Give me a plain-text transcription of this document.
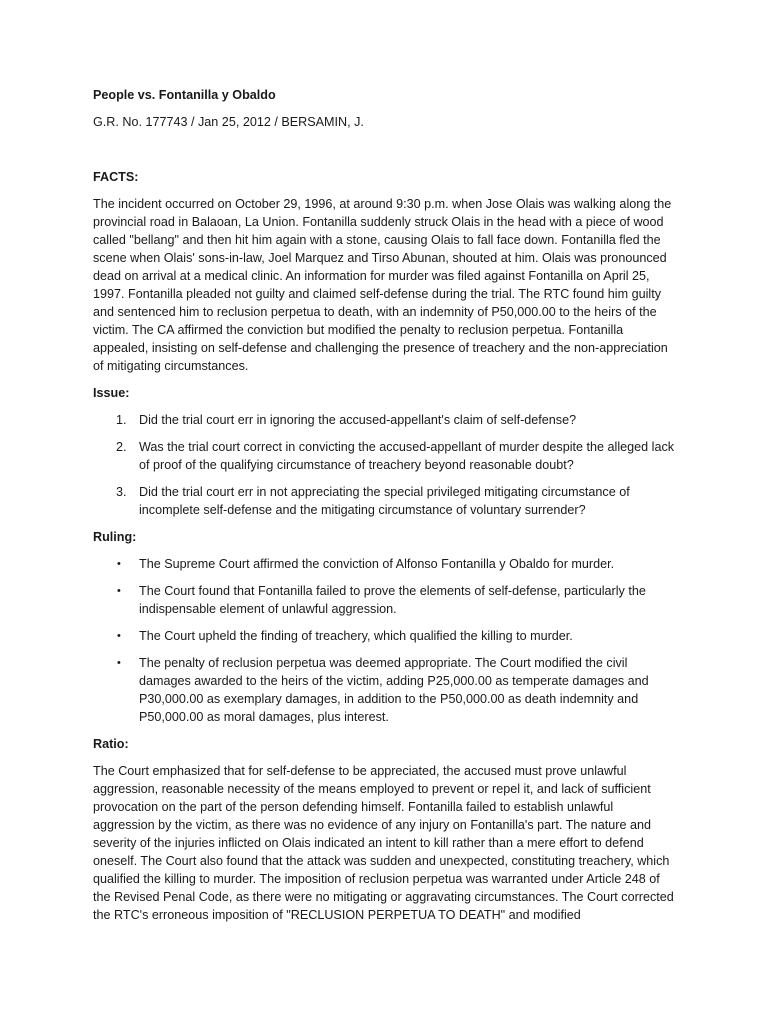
People vs. Fontanilla y Obaldo

G.R. No. 177743 / Jan 25, 2012 / BERSAMIN, J.

FACTS:

The incident occurred on October 29, 1996, at around 9:30 p.m. when Jose Olais was walking along the provincial road in Balaoan, La Union. Fontanilla suddenly struck Olais in the head with a piece of wood called "bellang" and then hit him again with a stone, causing Olais to fall face down. Fontanilla fled the scene when Olais' sons-in-law, Joel Marquez and Tirso Abunan, shouted at him. Olais was pronounced dead on arrival at a medical clinic. An information for murder was filed against Fontanilla on April 25, 1997. Fontanilla pleaded not guilty and claimed self-defense during the trial. The RTC found him guilty and sentenced him to reclusion perpetua to death, with an indemnity of P50,000.00 to the heirs of the victim. The CA affirmed the conviction but modified the penalty to reclusion perpetua. Fontanilla appealed, insisting on self-defense and challenging the presence of treachery and the non-appreciation of mitigating circumstances.

Issue:

1. Did the trial court err in ignoring the accused-appellant's claim of self-defense?
2. Was the trial court correct in convicting the accused-appellant of murder despite the alleged lack of proof of the qualifying circumstance of treachery beyond reasonable doubt?
3. Did the trial court err in not appreciating the special privileged mitigating circumstance of incomplete self-defense and the mitigating circumstance of voluntary surrender?

Ruling:

• The Supreme Court affirmed the conviction of Alfonso Fontanilla y Obaldo for murder.
• The Court found that Fontanilla failed to prove the elements of self-defense, particularly the indispensable element of unlawful aggression.
• The Court upheld the finding of treachery, which qualified the killing to murder.
• The penalty of reclusion perpetua was deemed appropriate. The Court modified the civil damages awarded to the heirs of the victim, adding P25,000.00 as temperate damages and P30,000.00 as exemplary damages, in addition to the P50,000.00 as death indemnity and P50,000.00 as moral damages, plus interest.

Ratio:

The Court emphasized that for self-defense to be appreciated, the accused must prove unlawful aggression, reasonable necessity of the means employed to prevent or repel it, and lack of sufficient provocation on the part of the person defending himself. Fontanilla failed to establish unlawful aggression by the victim, as there was no evidence of any injury on Fontanilla's part. The nature and severity of the injuries inflicted on Olais indicated an intent to kill rather than a mere effort to defend oneself. The Court also found that the attack was sudden and unexpected, constituting treachery, which qualified the killing to murder. The imposition of reclusion perpetua was warranted under Article 248 of the Revised Penal Code, as there were no mitigating or aggravating circumstances. The Court corrected the RTC's erroneous imposition of "RECLUSION PERPETUA TO DEATH" and modified
